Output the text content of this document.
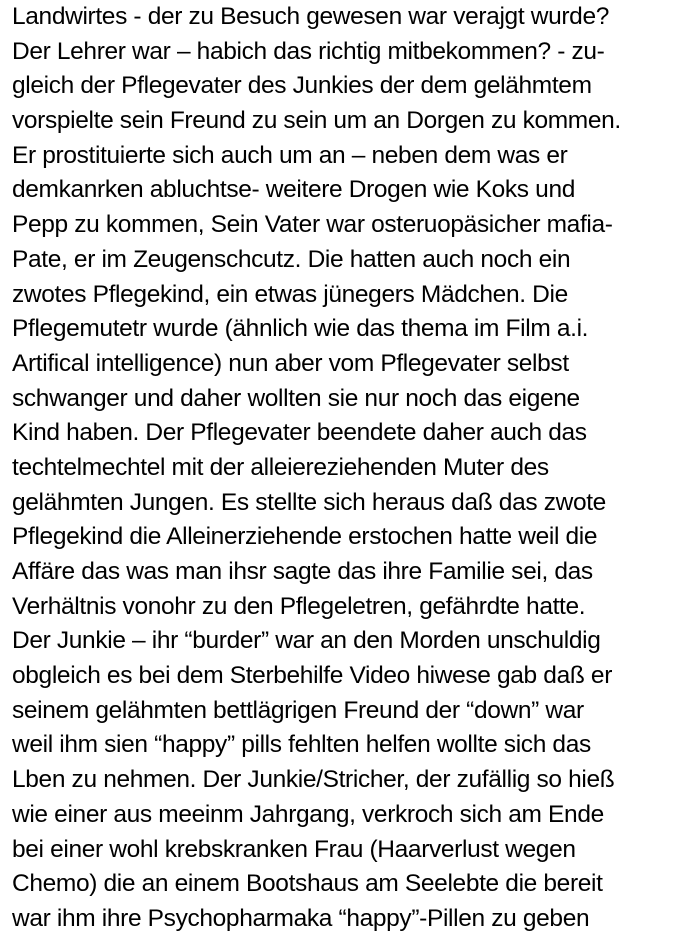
Landwirtes - der zu Besuch gewesen war verajgt wurde?
Der Lehrer war – habich das richtig mitbekommen? - zu-
gleich der Pflegevater des Junkies der dem gelähmtem
vorspielte sein Freund zu sein um an Dorgen zu kommen.
Er prostituierte sich auch um an – neben dem was er
demkanrken abluchtse- weitere Drogen wie Koks und
Pepp zu kommen, Sein Vater war osteruopäsicher mafia-
Pate, er im Zeugenschcutz. Die hatten auch noch ein
zwotes Pflegekind, ein etwas jünegers Mädchen. Die
Pflegemutetr wurde (ähnlich wie das thema im Film a.i.
Artifical intelligence) nun aber vom Pflegevater selbst
schwanger und daher wollten sie nur noch das eigene
Kind haben. Der Pflegevater beendete daher auch das
techtelmechtel mit der alleiereziehenden Muter des
gelähmten Jungen. Es stellte sich heraus daß das zwote
Pflegekind die Alleinerziehende erstochen hatte weil die
Affäre das was man ihsr sagte das ihre Familie sei, das
Verhältnis vonohr zu den Pflegeletren, gefährdte hatte.
Der Junkie – ihr “burder” war an den Morden unschuldig
obgleich es bei dem Sterbehilfe Video hiwese gab daß er
seinem gelähmten bettlägrigen Freund der “down” war
weil ihm sien “happy” pills fehlten helfen wollte sich das
Lben zu nehmen. Der Junkie/Stricher, der zufällig so hieß
wie einer aus meeinm Jahrgang, verkroch sich am Ende
bei einer wohl krebskranken Frau (Haarverlust wegen
Chemo) die an einem Bootshaus am Seelebte die bereit
war ihm ihre Psychopharmaka “happy”-Pillen zu geben
